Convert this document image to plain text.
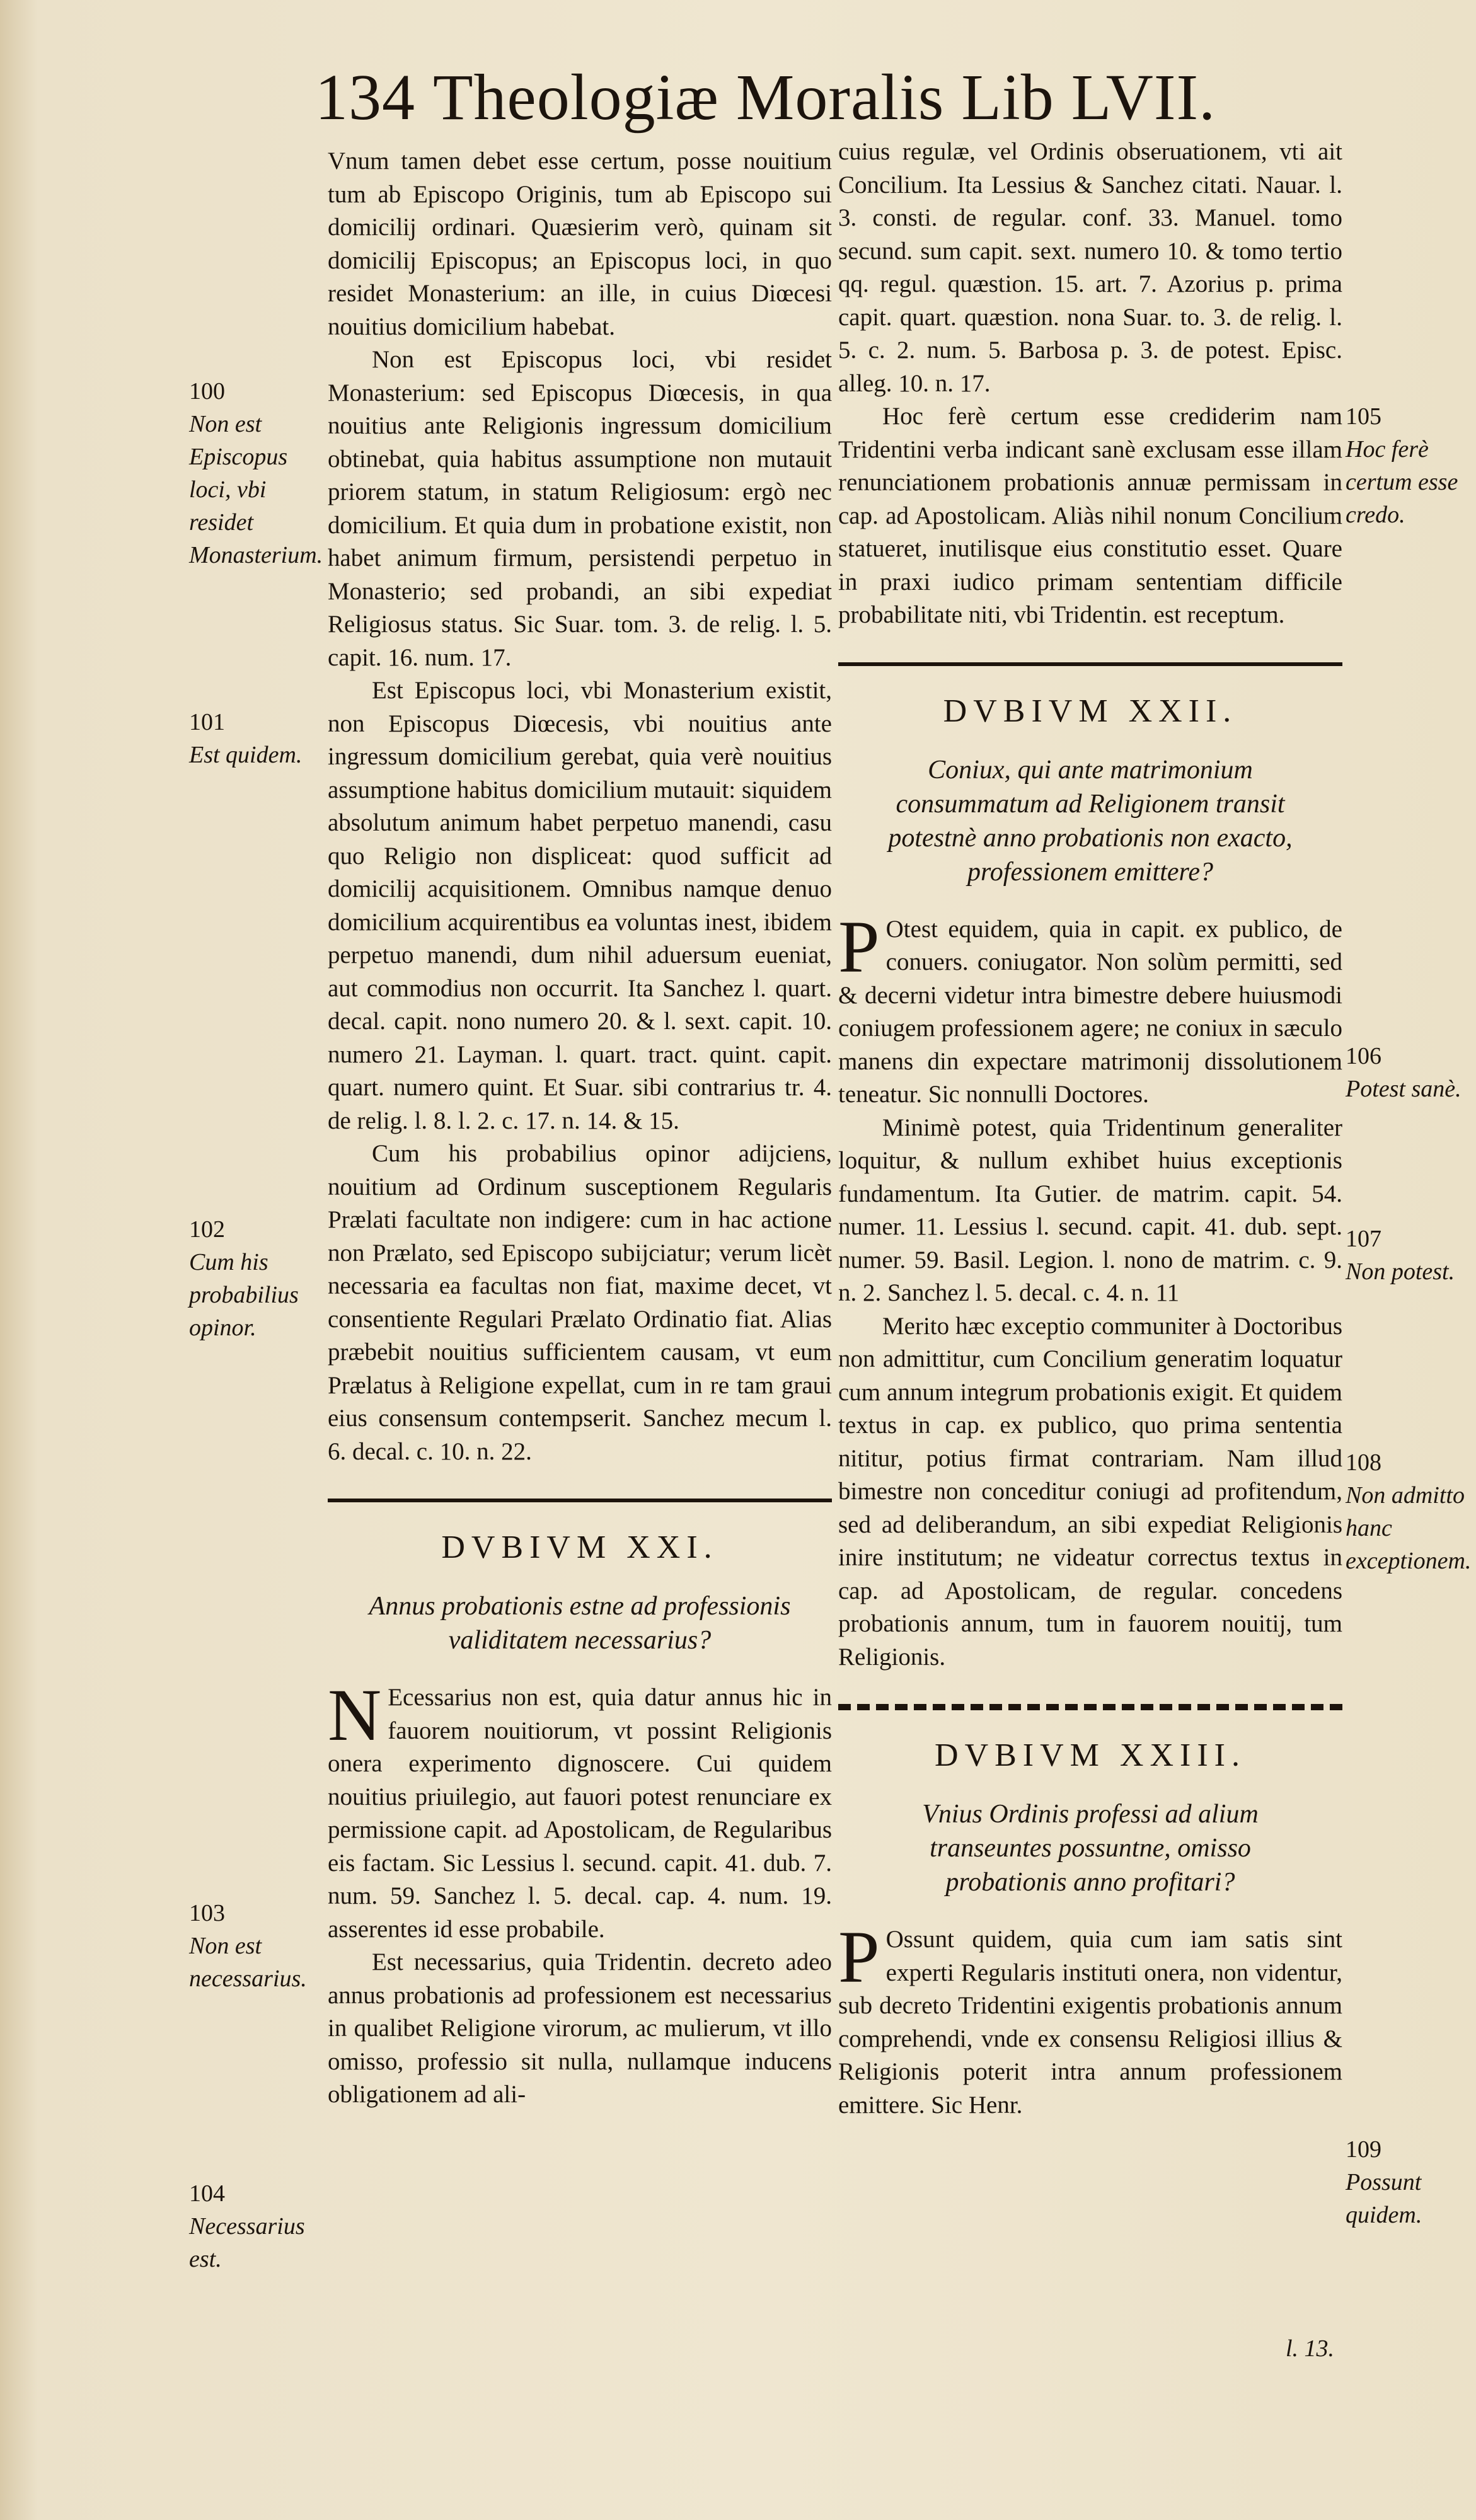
134 Theologiæ Moralis Lib LVII.
100
Non est Episcopus loci, vbi residet Monasterium.
101
Est quidem.
102
Cum his probabilius opinor.
103
Non est necessarius.
104
Necessarius est.
105
Hoc ferè certum esse credo.
106
Potest sanè.
107
Non potest.
108
Non admitto hanc exceptionem.
109
Possunt quidem.

Vnum tamen debet esse certum, posse nouitium tum ab Episcopo Originis, tum ab Episcopo sui domicilij ordinari. Quæsierim verò, quinam sit domicilij Episcopus; an Episcopus loci, in quo residet Monasterium: an ille, in cuius Diœcesi nouitius domicilium habebat.

Non est Episcopus loci, vbi residet Monasterium: sed Episcopus Diœcesis, in qua nouitius ante Religionis ingressum domicilium obtinebat, quia habitus assumptione non mutauit priorem statum, in statum Religiosum: ergò nec domicilium. Et quia dum in probatione existit, non habet animum firmum, persistendi perpetuo in Monasterio; sed probandi, an sibi expediat Religiosus status. Sic Suar. tom. 3. de relig. l. 5. capit. 16. num. 17.

Est Episcopus loci, vbi Monasterium existit, non Episcopus Diœcesis, vbi nouitius ante ingressum domicilium gerebat, quia verè nouitius assumptione habitus domicilium mutauit: siquidem absolutum animum habet perpetuo manendi, casu quo Religio non displiceat: quod sufficit ad domicilij acquisitionem. Omnibus namque denuo domicilium acquirentibus ea voluntas inest, ibidem perpetuo manendi, dum nihil aduersum eueniat, aut commodius non occurrit. Ita Sanchez l. quart. decal. capit. nono numero 20. & l. sext. capit. 10. numero 21. Layman. l. quart. tract. quint. capit. quart. numero quint. Et Suar. sibi contrarius tr. 4. de relig. l. 8. l. 2. c. 17. n. 14. & 15.

Cum his probabilius opinor adijciens, nouitium ad Ordinum susceptionem Regularis Prælati facultate non indigere: cum in hac actione non Prælato, sed Episcopo subijciatur; verum licèt necessaria ea facultas non fiat, maxime decet, vt consentiente Regulari Prælato Ordinatio fiat. Alias præbebit nouitius sufficientem causam, vt eum Prælatus à Religione expellat, cum in re tam graui eius consensum contempserit. Sanchez mecum l. 6. decal. c. 10. n. 22.

DVBIVM XXI.
Annus probationis estne ad professionis validitatem necessarius?

N Ecessarius non est, quia datur annus hic in fauorem nouitiorum, vt possint Religionis onera experimento dignoscere. Cui quidem nouitius priuilegio, aut fauori potest renunciare ex permissione capit. ad Apostolicam, de Regularibus eis factam. Sic Lessius l. secund. capit. 41. dub. 7. num. 59. Sanchez l. 5. decal. cap. 4. num. 19. asserentes id esse probabile.

Est necessarius, quia Tridentin. decreto adeo annus probationis ad professionem est necessarius in qualibet Religione virorum, ac mulierum, vt illo omisso, professio sit nulla, nullamque inducens obligationem ad ali-

cuius regulæ, vel Ordinis obseruationem, vti ait Concilium. Ita Lessius & Sanchez citati. Nauar. l. 3. consti. de regular. conf. 33. Manuel. tomo secund. sum capit. sext. numero 10. & tomo tertio qq. regul. quæstion. 15. art. 7. Azorius p. prima capit. quart. quæstion. nona Suar. to. 3. de relig. l. 5. c. 2. num. 5. Barbosa p. 3. de potest. Episc. alleg. 10. n. 17.

Hoc ferè certum esse crediderim nam Tridentini verba indicant sanè exclusam esse illam renunciationem probationis annuæ permissam in cap. ad Apostolicam. Aliàs nihil nonum Concilium statueret, inutilisque eius constitutio esset. Quare in praxi iudico primam sententiam difficile probabilitate niti, vbi Tridentin. est receptum.

DVBIVM XXII.
Coniux, qui ante matrimonium consummatum ad Religionem transit potestnè anno probationis non exacto, professionem emittere?

P Otest equidem, quia in capit. ex publico, de conuers. coniugator. Non solùm permitti, sed & decerni videtur intra bimestre debere huiusmodi coniugem professionem agere; ne coniux in sæculo manens din expectare matrimonij dissolutionem teneatur. Sic nonnulli Doctores.

Minimè potest, quia Tridentinum generaliter loquitur, & nullum exhibet huius exceptionis fundamentum. Ita Gutier. de matrim. capit. 54. numer. 11. Lessius l. secund. capit. 41. dub. sept. numer. 59. Basil. Legion. l. nono de matrim. c. 9. n. 2. Sanchez l. 5. decal. c. 4. n. 11

Merito hæc exceptio communiter à Doctoribus non admittitur, cum Concilium generatim loquatur cum annum integrum probationis exigit. Et quidem textus in cap. ex publico, quo prima sententia nititur, potius firmat contrariam. Nam illud bimestre non conceditur coniugi ad profitendum, sed ad deliberandum, an sibi expediat Religionis inire institutum; ne videatur correctus textus in cap. ad Apostolicam, de regular. concedens probationis annum, tum in fauorem nouitij, tum Religionis.

DVBIVM XXIII.
Vnius Ordinis professi ad alium transeuntes possuntne, omisso probationis anno profitari?

P Ossunt quidem, quia cum iam satis sint experti Regularis instituti onera, non videntur, sub decreto Tridentini exigentis probationis annum comprehendi, vnde ex consensu Religiosi illius & Religionis poterit intra annum professionem emittere. Sic Henr.

l. 13.
